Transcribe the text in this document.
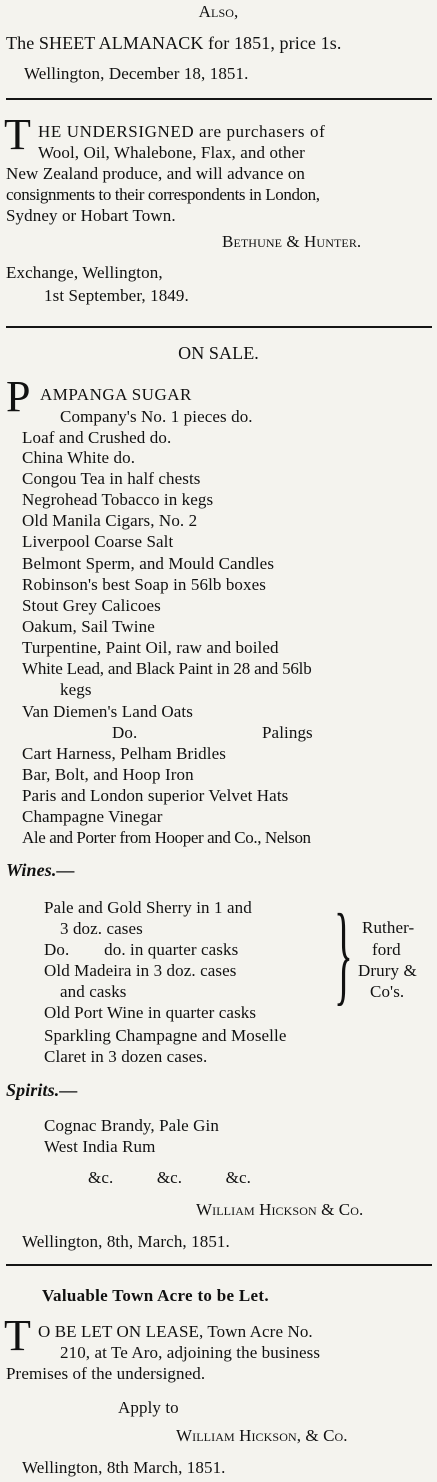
Also,
The SHEET ALMANACK for 1851, price 1s.
Wellington, December 18, 1851.
T HE UNDERSIGNED are purchasers of
Wool, Oil, Whalebone, Flax, and other
New Zealand produce, and will advance on
consignments to their correspondents in London,
Sydney or Hobart Town.
Bethune & Hunter.
Exchange, Wellington,
1st September, 1849.
ON SALE.
P AMPANGA SUGAR
Company's No. 1 pieces do.
Loaf and Crushed do.
China White do.
Congou Tea in half chests
Negrohead Tobacco in kegs
Old Manila Cigars, No. 2
Liverpool Coarse Salt
Belmont Sperm, and Mould Candles
Robinson's best Soap in 56lb boxes
Stout Grey Calicoes
Oakum, Sail Twine
Turpentine, Paint Oil, raw and boiled
White Lead, and Black Paint in 28 and 56lb
kegs
Van Diemen's Land Oats
Do.	Palings
Cart Harness, Pelham Bridles
Bar, Bolt, and Hoop Iron
Paris and London superior Velvet Hats
Champagne Vinegar
Ale and Porter from Hooper and Co., Nelson
Wines.—
Pale and Gold Sherry in 1 and
3 doz. cases
Do.        do. in quarter casks
Old Madeira in 3 doz. cases
and casks
Old Port Wine in quarter casks
Sparkling Champagne and Moselle
Claret in 3 dozen cases.
} Ruther-
ford
Drury &
Co's.
Spirits.—
Cognac Brandy, Pale Gin
West India Rum
&c.          &c.          &c.
William Hickson & Co.
Wellington, 8th, March, 1851.
Valuable Town Acre to be Let.
T O BE LET ON LEASE, Town Acre No.
210, at Te Aro, adjoining the business
Premises of the undersigned.
Apply to
William Hickson, & Co.
Wellington, 8th March, 1851.
